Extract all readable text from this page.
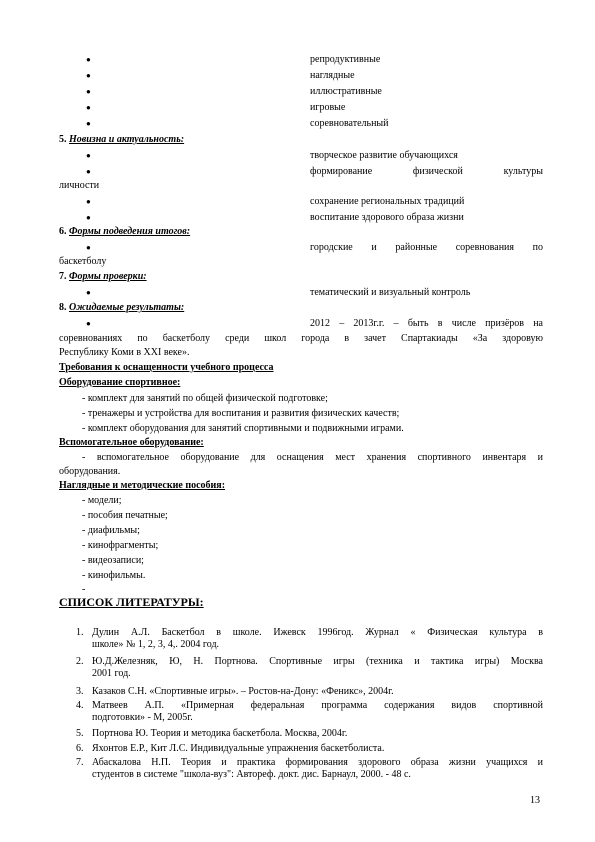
●	репродуктивные
●	наглядные
●	иллюстративные
●	игровые
●	соревновательный
5. Новизна и актуальность:
●	творческое развитие обучающихся
●	формирование физической культуры
личности
●	сохранение региональных традиций
●	воспитание здорового образа жизни
6. Формы подведения итогов:
●	городские и районные соревнования по
баскетболу
7. Формы проверки:
●	тематический и визуальный контроль
8. Ожидаемые результаты:
●	2012 – 2013г.г. – быть в числе призёров на
соревнованиях по баскетболу среди школ города в зачет Спартакиады «За здоровую
Республику Коми в XXI веке».
Требования к оснащенности учебного процесса
Оборудование спортивное:
- комплект для занятий по общей физической подготовке;
- тренажеры и устройства для воспитания и развития физических качеств;
- комплект оборудования для занятий спортивными и подвижными играми.
Вспомогательное оборудование:
- вспомогательное оборудование для оснащения мест хранения спортивного инвентаря и
оборудования.
Наглядные и методические пособия:
- модели;
- пособия печатные;
- диафильмы;
- кинофрагменты;
- видеозаписи;
- кинофильмы.
-
СПИСОК ЛИТЕРАТУРЫ:
1. Дулин А.Л. Баскетбол в школе. Ижевск 1996год. Журнал « Физическая культура в
школе» № 1, 2, 3, 4,. 2004 год.
2. Ю.Д.Железняк, Ю, Н. Портнова. Спортивные игры (техника и тактика игры) Москва
2001 год.
3. Казаков С.Н. «Спортивные игры». – Ростов-на-Дону: «Феникс», 2004г.
4. Матвеев А.П. «Примерная федеральная программа содержания видов спортивной
подготовки» - М, 2005г.
5. Портнова Ю. Теория и методика баскетбола. Москва, 2004г.
6. Яхонтов Е.Р., Кит Л.С. Индивидуальные упражнения баскетболиста.
7. Абаскалова Н.П. Теория и практика формирования здорового образа жизни учащихся и
студентов в системе "школа-вуз": Автореф. докт. дис. Барнаул, 2000. - 48 с.
13
